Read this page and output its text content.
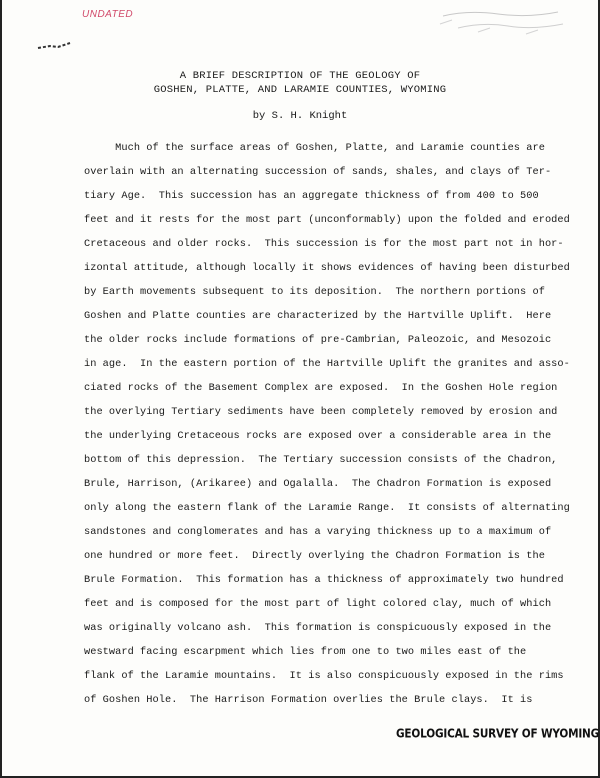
UNDATED
A BRIEF DESCRIPTION OF THE GEOLOGY OF
GOSHEN, PLATTE, AND LARAMIE COUNTIES, WYOMING
by S. H. Knight
Much of the surface areas of Goshen, Platte, and Laramie counties are
overlain with an alternating succession of sands, shales, and clays of Ter-
tiary Age.  This succession has an aggregate thickness of from 400 to 500
feet and it rests for the most part (unconformably) upon the folded and eroded
Cretaceous and older rocks.  This succession is for the most part not in hor-
izontal attitude, although locally it shows evidences of having been disturbed
by Earth movements subsequent to its deposition.  The northern portions of
Goshen and Platte counties are characterized by the Hartville Uplift.  Here
the older rocks include formations of pre-Cambrian, Paleozoic, and Mesozoic
in age.  In the eastern portion of the Hartville Uplift the granites and asso-
ciated rocks of the Basement Complex are exposed.  In the Goshen Hole region
the overlying Tertiary sediments have been completely removed by erosion and
the underlying Cretaceous rocks are exposed over a considerable area in the
bottom of this depression.  The Tertiary succession consists of the Chadron,
Brule, Harrison, (Arikaree) and Ogalalla.  The Chadron Formation is exposed
only along the eastern flank of the Laramie Range.  It consists of alternating
sandstones and conglomerates and has a varying thickness up to a maximum of
one hundred or more feet.  Directly overlying the Chadron Formation is the
Brule Formation.  This formation has a thickness of approximately two hundred
feet and is composed for the most part of light colored clay, much of which
was originally volcano ash.  This formation is conspicuously exposed in the
westward facing escarpment which lies from one to two miles east of the
flank of the Laramie mountains.  It is also conspicuously exposed in the rims
of Goshen Hole.  The Harrison Formation overlies the Brule clays.  It is
GEOLOGICAL SURVEY OF WYOMING
